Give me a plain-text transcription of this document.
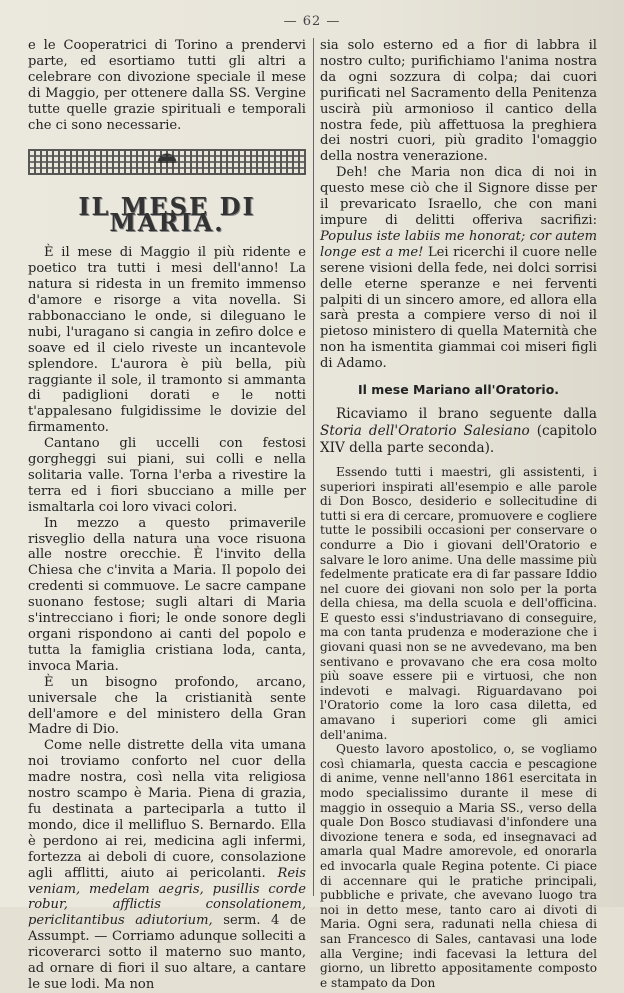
— 62 —

e le Cooperatrici di Torino a prendervi parte, ed esortiamo tutti gli altri a celebrare con divozione speciale il mese di Maggio, per ottenere dalla SS. Vergine tutte quelle grazie spirituali e temporali che ci sono necessarie.

IL MESE DI MARIA.

È il mese di Maggio il più ridente e poetico tra tutti i mesi dell'anno! La natura si ridesta in un fremito immenso d'amore e risorge a vita novella. Si rabbonacciano le onde, si dileguano le nubi, l'uragano si cangia in zefiro dolce e soave ed il cielo riveste un incantevole splendore. L'aurora è più bella, più raggiante il sole, il tramonto si ammanta di padiglioni dorati e le notti t'appalesano fulgidissime le dovizie del firmamento.

Cantano gli uccelli con festosi gorgheggi sui piani, sui colli e nella solitaria valle. Torna l'erba a rivestire la terra ed i fiori sbucciano a mille per ismaltarla coi loro vivaci colori.

In mezzo a questo primaverile risveglio della natura una voce risuona alle nostre orecchie. È l'invito della Chiesa che c'invita a Maria. Il popolo dei credenti si commuove. Le sacre campane suonano festose; sugli altari di Maria s'intrecciano i fiori; le onde sonore degli organi rispondono ai canti del popolo e tutta la famiglia cristiana loda, canta, invoca Maria.

È un bisogno profondo, arcano, universale che la cristianità sente dell'amore e del ministero della Gran Madre di Dio.

Come nelle distrette della vita umana noi troviamo conforto nel cuor della madre nostra, così nella vita religiosa nostro scampo è Maria. Piena di grazia, fu destinata a parteciparla a tutto il mondo, dice il mellifluo S. Bernardo. Ella è perdono ai rei, medicina agli infermi, fortezza ai deboli di cuore, consolazione agli afflitti, aiuto ai pericolanti. Reis veniam, medelam aegris, pusillis corde robur, afflictis consolationem, periclitantibus adiutorium, serm. 4 de Assumpt. — Corriamo adunque solleciti a ricoverarci sotto il materno suo manto, ad ornare di fiori il suo altare, a cantare le sue lodi. Ma non

sia solo esterno ed a fior di labbra il nostro culto; purifichiamo l'anima nostra da ogni sozzura di colpa; dai cuori purificati nel Sacramento della Penitenza uscirà più armonioso il cantico della nostra fede, più affettuosa la preghiera dei nostri cuori, più gradito l'omaggio della nostra venerazione.

Deh! che Maria non dica di noi in questo mese ciò che il Signore disse per il prevaricato Israello, che con mani impure di delitti offeriva sacrifizi: Populus iste labiis me honorat; cor autem longe est a me! Lei ricerchi il cuore nelle serene visioni della fede, nei dolci sorrisi delle eterne speranze e nei ferventi palpiti di un sincero amore, ed allora ella sarà presta a compiere verso di noi il pietoso ministero di quella Maternità che non ha ismentita giammai coi miseri figli di Adamo.

Il mese Mariano all'Oratorio.

Ricaviamo il brano seguente dalla Storia dell'Oratorio Salesiano (capitolo XIV della parte seconda).

Essendo tutti i maestri, gli assistenti, i superiori inspirati all'esempio e alle parole di Don Bosco, desiderio e sollecitudine di tutti si era di cercare, promuovere e cogliere tutte le possibili occasioni per conservare o condurre a Dio i giovani dell'Oratorio e salvare le loro anime. Una delle massime più fedelmente praticate era di far passare Iddio nel cuore dei giovani non solo per la porta della chiesa, ma della scuola e dell'officina. E questo essi s'industriavano di conseguire, ma con tanta prudenza e moderazione che i giovani quasi non se ne avvedevano, ma ben sentivano e provavano che era cosa molto più soave essere pii e virtuosi, che non indevoti e malvagi. Riguardavano poi l'Oratorio come la loro casa diletta, ed amavano i superiori come gli amici dell'anima.

Questo lavoro apostolico, o, se vogliamo così chiamarla, questa caccia e pescagione di anime, venne nell'anno 1861 esercitata in modo specialissimo durante il mese di maggio in ossequio a Maria SS., verso della quale Don Bosco studiavasi d'infondere una divozione tenera e soda, ed insegnavaci ad amarla qual Madre amorevole, ed onorarla ed invocarla quale Regina potente. Ci piace di accennare qui le pratiche principali, pubbliche e private, che avevano luogo tra noi in detto mese, tanto caro ai divoti di Maria. Ogni sera, radunati nella chiesa di san Francesco di Sales, cantavasi una lode alla Vergine; indi facevasi la lettura del giorno, un libretto appositamente composto e stampato da Don
